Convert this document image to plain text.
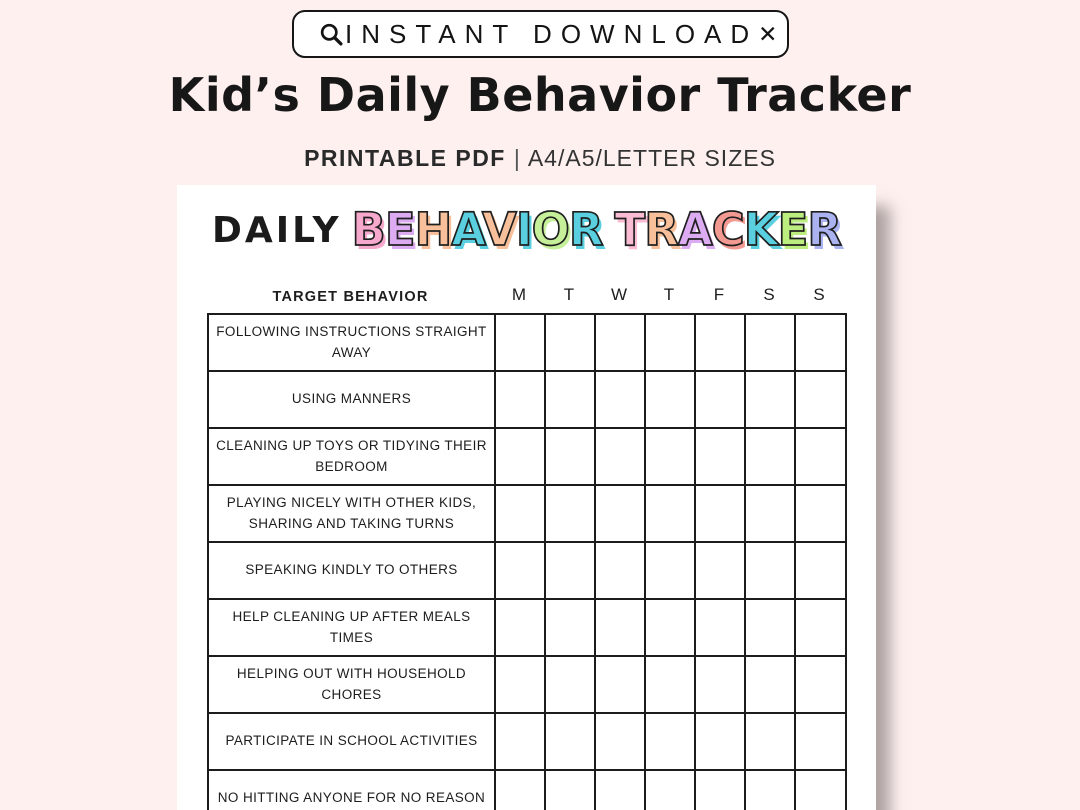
INSTANT DOWNLOAD ✕
Kid’s Daily Behavior Tracker
PRINTABLE PDF | A4/A5/LETTER SIZES
DAILY BEHAVIOR TRACKER
TARGET BEHAVIOR	M	T	W	T	F	S	S
FOLLOWING INSTRUCTIONS STRAIGHT AWAY
USING MANNERS
CLEANING UP TOYS OR TIDYING THEIR BEDROOM
PLAYING NICELY WITH OTHER KIDS, SHARING AND TAKING TURNS
SPEAKING KINDLY TO OTHERS
HELP CLEANING UP AFTER MEALS TIMES
HELPING OUT WITH HOUSEHOLD CHORES
PARTICIPATE IN SCHOOL ACTIVITIES
NO HITTING ANYONE FOR NO REASON
